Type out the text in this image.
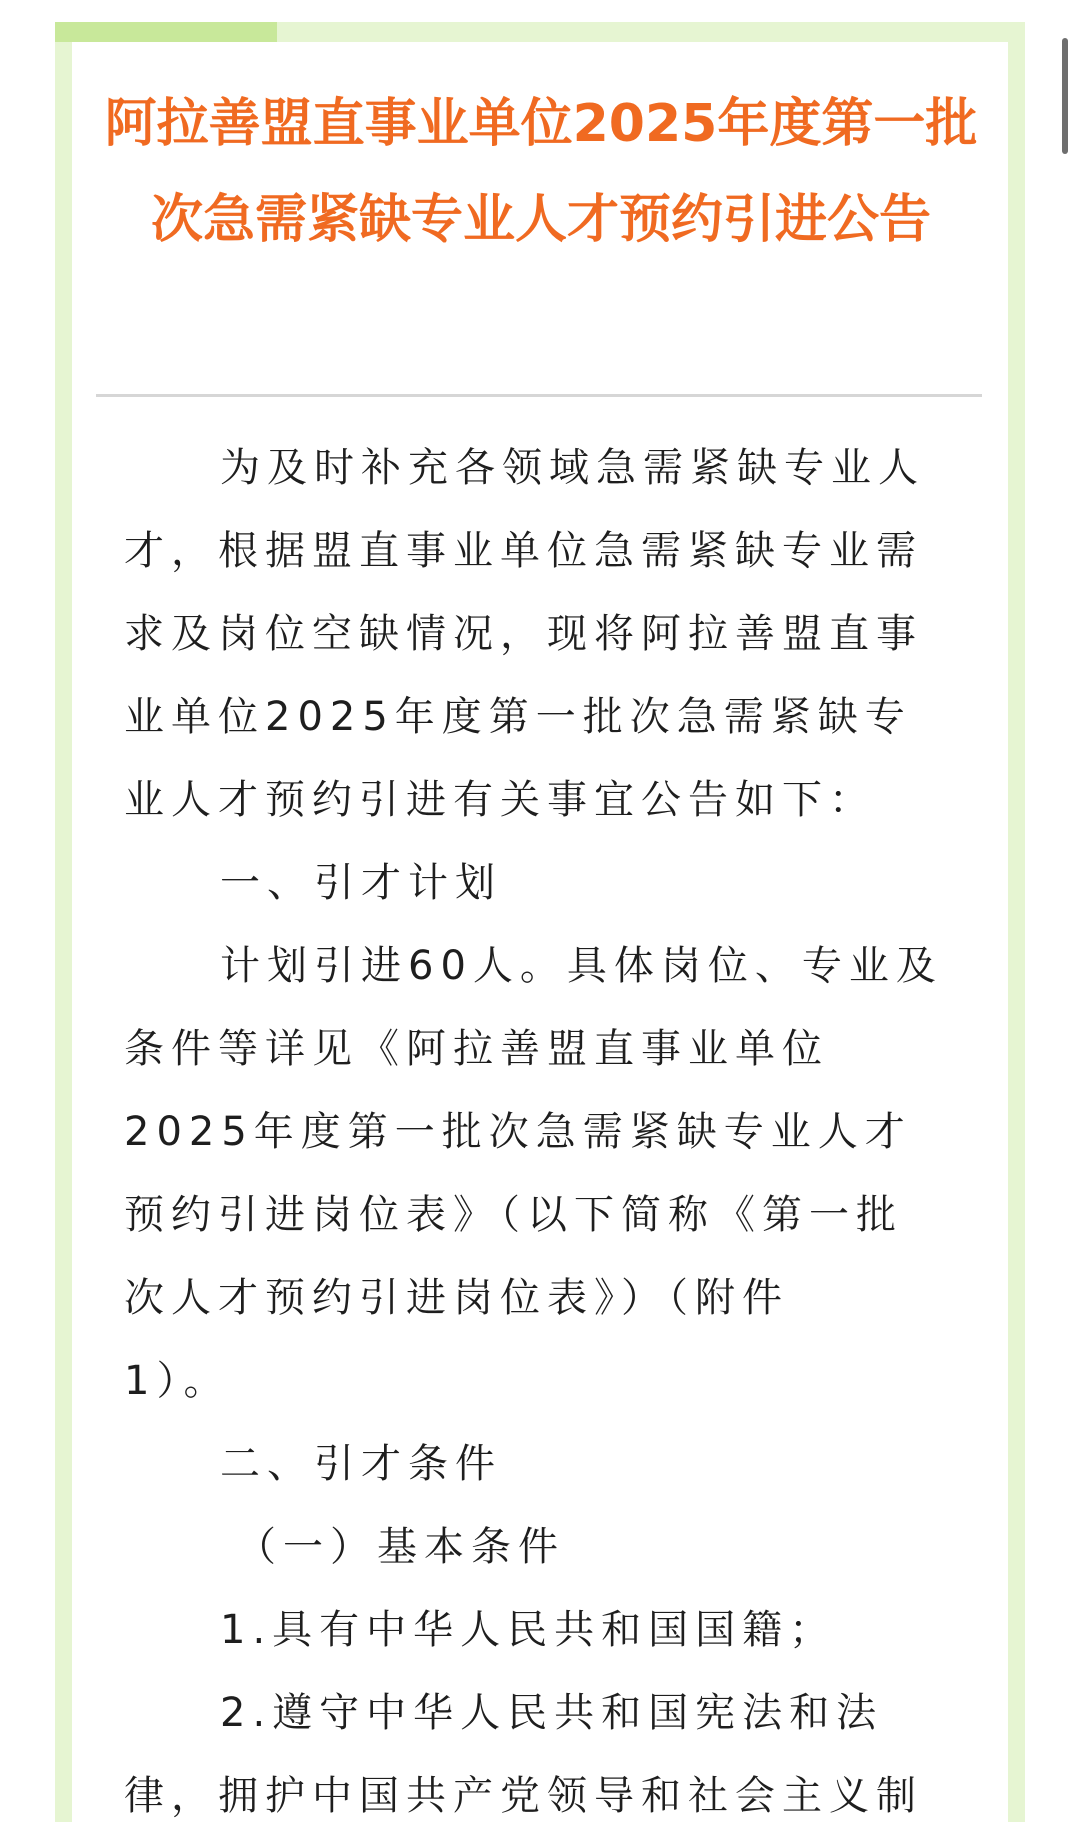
阿拉善盟直事业单位2025年度第一批次急需紧缺专业人才预约引进公告

为及时补充各领域急需紧缺专业人

才，根据盟直事业单位急需紧缺专业需

求及岗位空缺情况，现将阿拉善盟直事

业单位2025年度第一批次急需紧缺专

业人才预约引进有关事宜公告如下：

一、引才计划

计划引进60人。具体岗位、专业及

条件等详见《阿拉善盟直事业单位

2025年度第一批次急需紧缺专业人才

预约引进岗位表》（以下简称《第一批

次人才预约引进岗位表》）（附件

1）。

二、引才条件

（一）基本条件

1.具有中华人民共和国国籍；

2.遵守中华人民共和国宪法和法

律，拥护中国共产党领导和社会主义制
